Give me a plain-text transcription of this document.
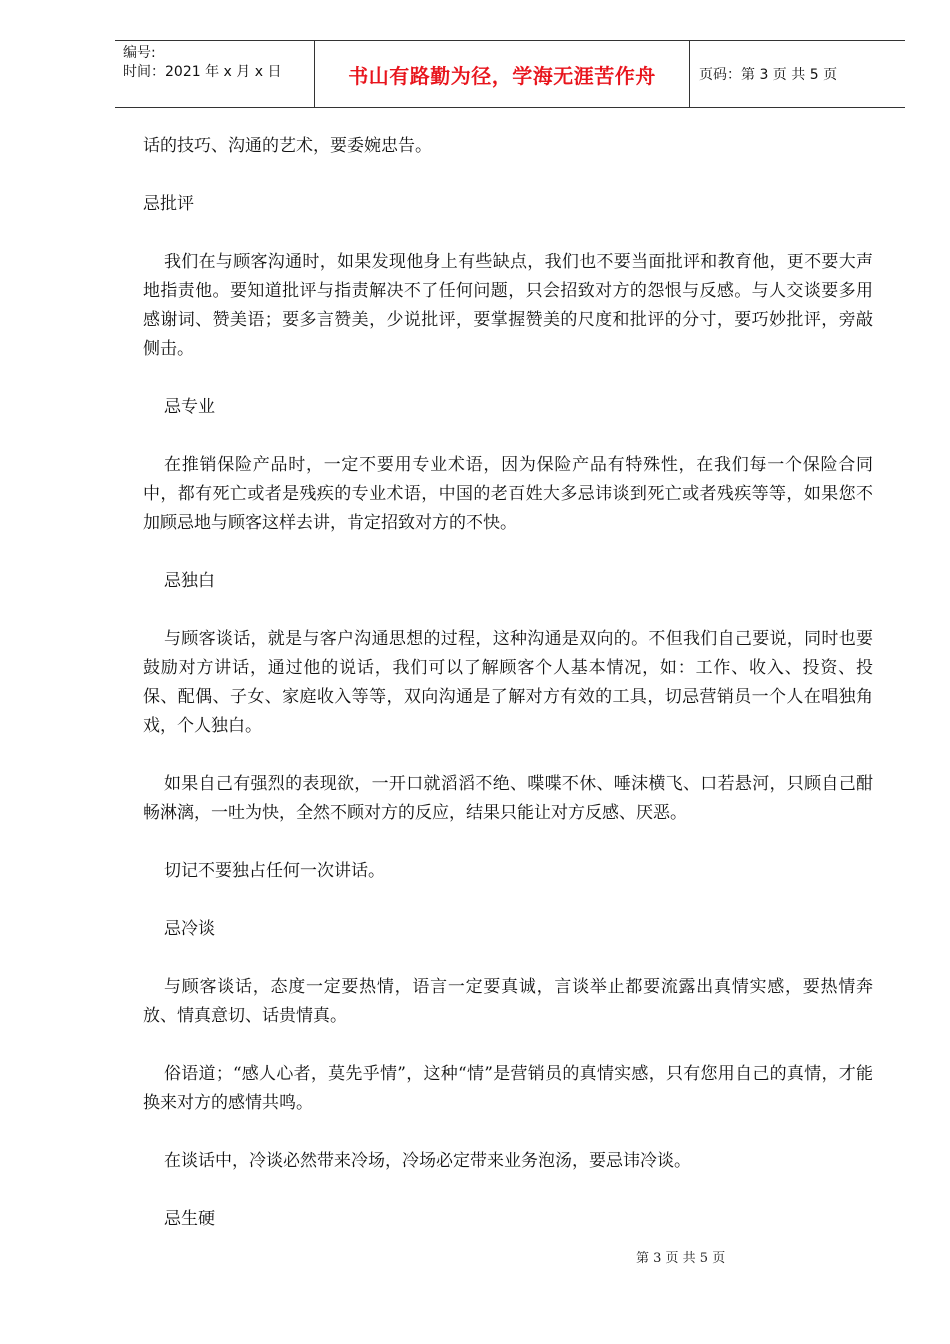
编号:
时间：2021 年 x 月 x 日	书山有路勤为径，学海无涯苦作舟	页码：第 3 页 共 5 页

话的技巧、沟通的艺术，要委婉忠告。

忌批评

我们在与顾客沟通时，如果发现他身上有些缺点，我们也不要当面批评和教育他，更不要大声地指责他。要知道批评与指责解决不了任何问题，只会招致对方的怨恨与反感。与人交谈要多用感谢词、赞美语；要多言赞美，少说批评，要掌握赞美的尺度和批评的分寸，要巧妙批评，旁敲侧击。

忌专业

在推销保险产品时，一定不要用专业术语，因为保险产品有特殊性，在我们每一个保险合同中，都有死亡或者是残疾的专业术语，中国的老百姓大多忌讳谈到死亡或者残疾等等，如果您不加顾忌地与顾客这样去讲，肯定招致对方的不快。

忌独白

与顾客谈话，就是与客户沟通思想的过程，这种沟通是双向的。不但我们自己要说，同时也要鼓励对方讲话，通过他的说话，我们可以了解顾客个人基本情况，如：工作、收入、投资、投保、配偶、子女、家庭收入等等，双向沟通是了解对方有效的工具，切忌营销员一个人在唱独角戏，个人独白。

如果自己有强烈的表现欲，一开口就滔滔不绝、喋喋不休、唾沫横飞、口若悬河，只顾自己酣畅淋漓，一吐为快，全然不顾对方的反应，结果只能让对方反感、厌恶。

切记不要独占任何一次讲话。

忌冷谈

与顾客谈话，态度一定要热情，语言一定要真诚，言谈举止都要流露出真情实感，要热情奔放、情真意切、话贵情真。

俗语道；“感人心者，莫先乎情”，这种“情”是营销员的真情实感，只有您用自己的真情，才能换来对方的感情共鸣。

在谈话中，冷谈必然带来冷场，冷场必定带来业务泡汤，要忌讳冷谈。

忌生硬

第 3 页 共 5 页
